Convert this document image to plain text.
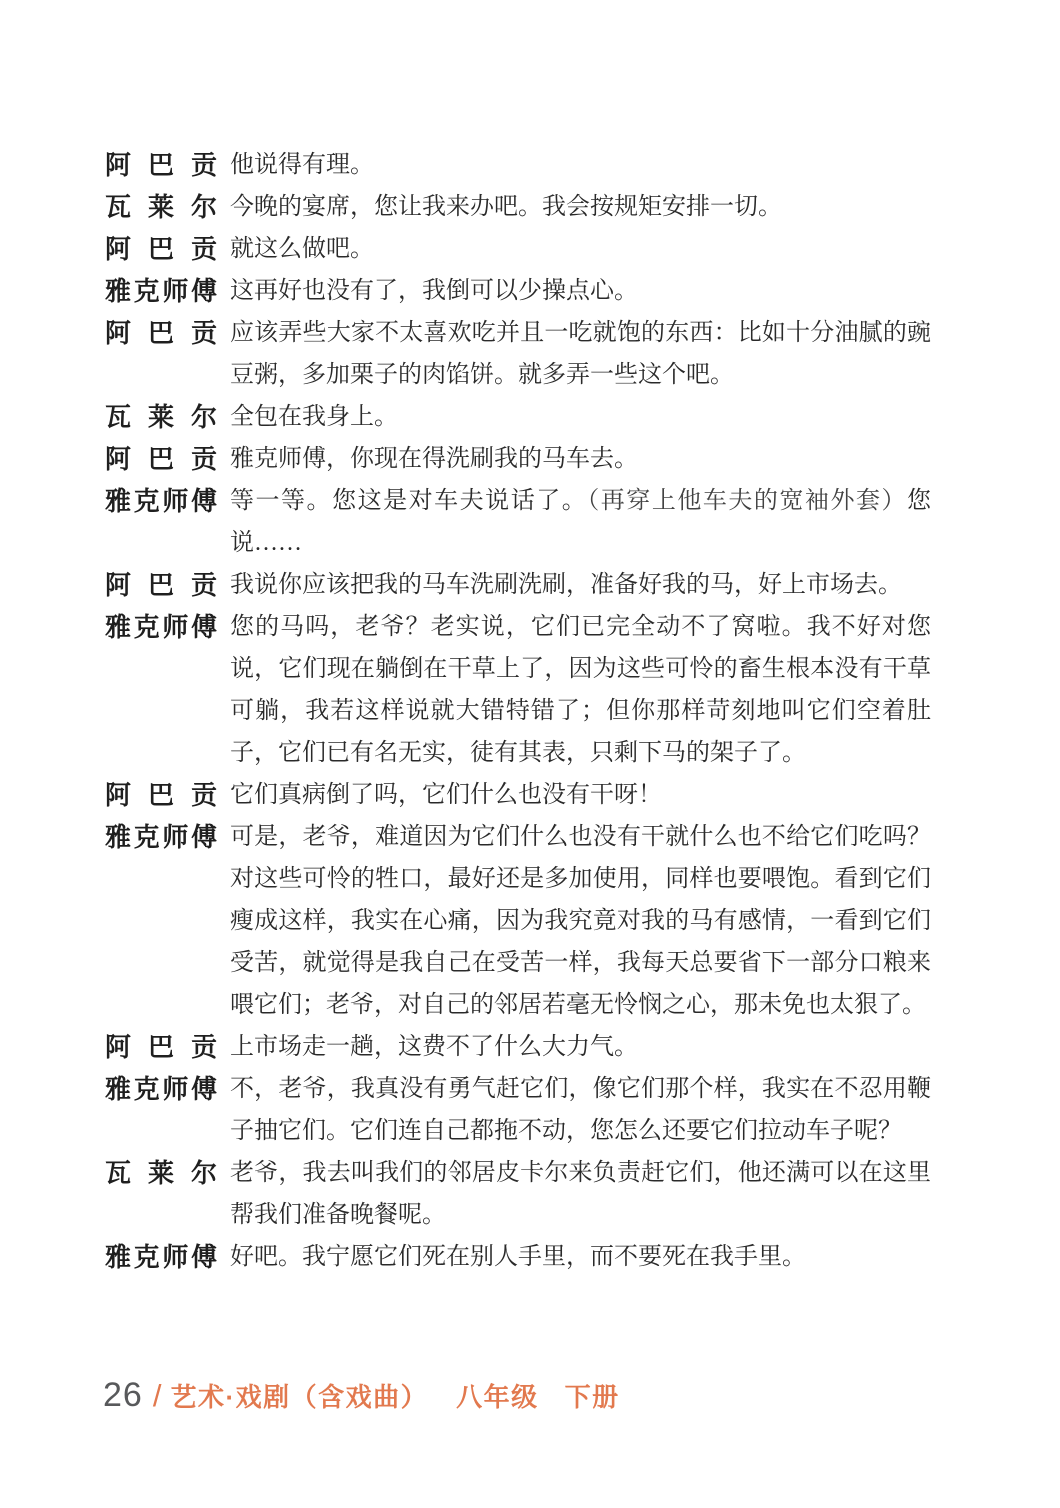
阿巴贡 他说得有理。
瓦莱尔 今晚的宴席，您让我来办吧。我会按规矩安排一切。
阿巴贡 就这么做吧。
雅克师傅 这再好也没有了，我倒可以少操点心。
阿巴贡 应该弄些大家不太喜欢吃并且一吃就饱的东西：比如十分油腻的豌豆粥，多加栗子的肉馅饼。就多弄一些这个吧。
瓦莱尔 全包在我身上。
阿巴贡 雅克师傅，你现在得洗刷我的马车去。
雅克师傅 等一等。您这是对车夫说话了。（再穿上他车夫的宽袖外套）您说……
阿巴贡 我说你应该把我的马车洗刷洗刷，准备好我的马，好上市场去。
雅克师傅 您的马吗，老爷？老实说，它们已完全动不了窝啦。我不好对您说，它们现在躺倒在干草上了，因为这些可怜的畜生根本没有干草可躺，我若这样说就大错特错了；但你那样苛刻地叫它们空着肚子，它们已有名无实，徒有其表，只剩下马的架子了。
阿巴贡 它们真病倒了吗，它们什么也没有干呀！
雅克师傅 可是，老爷，难道因为它们什么也没有干就什么也不给它们吃吗？对这些可怜的牲口，最好还是多加使用，同样也要喂饱。看到它们瘦成这样，我实在心痛，因为我究竟对我的马有感情，一看到它们受苦，就觉得是我自己在受苦一样，我每天总要省下一部分口粮来喂它们；老爷，对自己的邻居若毫无怜悯之心，那未免也太狠了。
阿巴贡 上市场走一趟，这费不了什么大力气。
雅克师傅 不，老爷，我真没有勇气赶它们，像它们那个样，我实在不忍用鞭子抽它们。它们连自己都拖不动，您怎么还要它们拉动车子呢？
瓦莱尔 老爷，我去叫我们的邻居皮卡尔来负责赶它们，他还满可以在这里帮我们准备晚餐呢。
雅克师傅 好吧。我宁愿它们死在别人手里，而不要死在我手里。
26 / 艺术·戏剧（含戏曲） 八年级 下册
